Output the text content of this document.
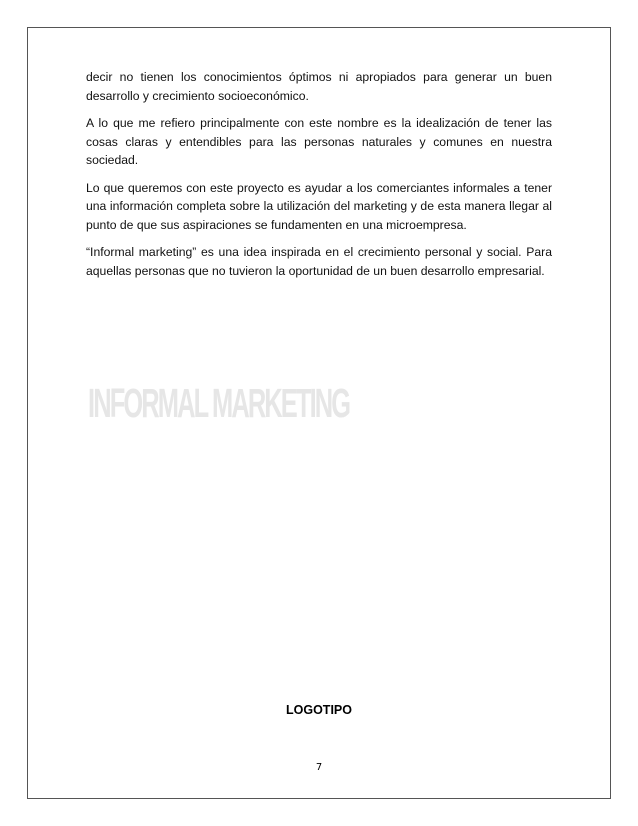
decir no tienen los conocimientos óptimos ni apropiados para generar un buen desarrollo y crecimiento socioeconómico.

A lo que me refiero principalmente con este nombre es la idealización de tener las cosas claras y entendibles para las personas naturales y comunes en nuestra sociedad.

Lo que queremos con este proyecto es ayudar a los comerciantes informales a tener una información completa sobre la utilización del marketing y de esta manera llegar al punto de que sus aspiraciones se fundamenten en una microempresa.

“Informal marketing” es una idea inspirada en el crecimiento personal y social. Para aquellas personas que no tuvieron la oportunidad de un buen desarrollo empresarial.

INFORMAL MARKETING
LOGOTIPO
7
